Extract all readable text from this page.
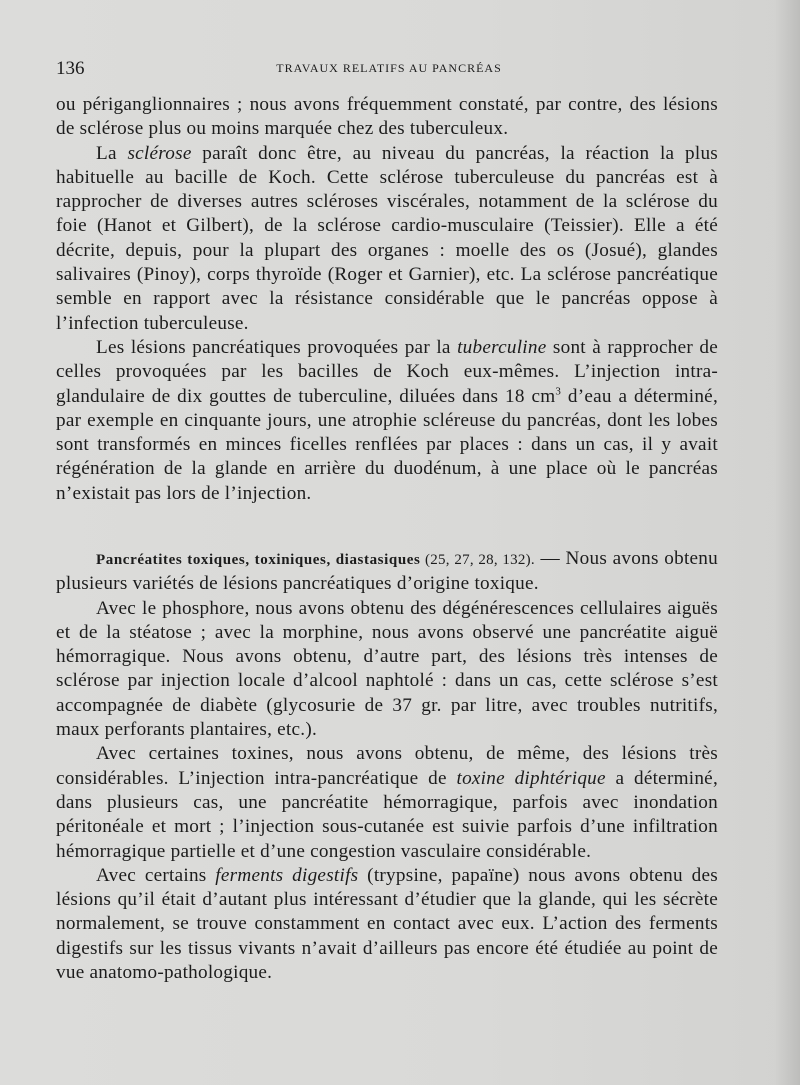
136	TRAVAUX RELATIFS AU PANCRÉAS

ou périganglionnaires ; nous avons fréquemment constaté, par contre, des lésions de sclérose plus ou moins marquée chez des tuberculeux.

La sclérose paraît donc être, au niveau du pancréas, la réaction la plus habituelle au bacille de Koch. Cette sclérose tuberculeuse du pancréas est à rapprocher de diverses autres scléroses viscérales, notamment de la sclérose du foie (Hanot et Gilbert), de la sclérose cardio-musculaire (Teissier). Elle a été décrite, depuis, pour la plupart des organes : moelle des os (Josué), glandes salivaires (Pinoy), corps thyroïde (Roger et Garnier), etc. La sclérose pancréatique semble en rapport avec la résistance considérable que le pancréas oppose à l’infection tuberculeuse.

Les lésions pancréatiques provoquées par la tuberculine sont à rapprocher de celles provoquées par les bacilles de Koch eux-mêmes. L’injection intra-glandulaire de dix gouttes de tuberculine, diluées dans 18 $cm^3$ d’eau a déterminé, par exemple en cinquante jours, une atrophie scléreuse du pancréas, dont les lobes sont transformés en minces ficelles renflées par places : dans un cas, il y avait régénération de la glande en arrière du duodénum, à une place où le pancréas n’existait pas lors de l’injection.

Pancréatites toxiques, toxiniques, diastasiques (25, 27, 28, 132). — Nous avons obtenu plusieurs variétés de lésions pancréatiques d’origine toxique.

Avec le phosphore, nous avons obtenu des dégénérescences cellulaires aiguës et de la stéatose ; avec la morphine, nous avons observé une pancréatite aiguë hémorragique. Nous avons obtenu, d’autre part, des lésions très intenses de sclérose par injection locale d’alcool naphtolé : dans un cas, cette sclérose s’est accompagnée de diabète (glycosurie de 37 gr. par litre, avec troubles nutritifs, maux perforants plantaires, etc.).

Avec certaines toxines, nous avons obtenu, de même, des lésions très considérables. L’injection intra-pancréatique de toxine diphtérique a déterminé, dans plusieurs cas, une pancréatite hémorragique, parfois avec inondation péritonéale et mort ; l’injection sous-cutanée est suivie parfois d’une infiltration hémorragique partielle et d’une congestion vasculaire considérable.

Avec certains ferments digestifs (trypsine, papaïne) nous avons obtenu des lésions qu’il était d’autant plus intéressant d’étudier que la glande, qui les sécrète normalement, se trouve constamment en contact avec eux. L’action des ferments digestifs sur les tissus vivants n’avait d’ailleurs pas encore été étudiée au point de vue anatomo-pathologique.
